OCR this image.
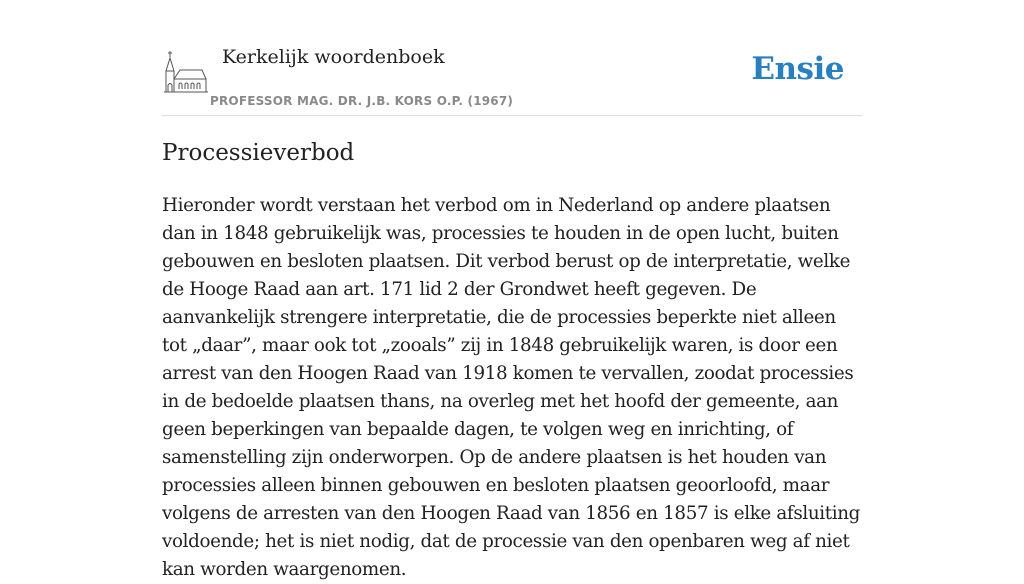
Kerkelijk woordenboek
PROFESSOR MAG. DR. J.B. KORS O.P. (1967)
Ensie
Processieverbod

Hieronder wordt verstaan het verbod om in Nederland op andere plaatsen dan in 1848 gebruikelijk was, processies te houden in de open lucht, buiten gebouwen en besloten plaatsen. Dit verbod berust op de interpretatie, welke de Hooge Raad aan art. 171 lid 2 der Grondwet heeft gegeven. De aanvankelijk strengere interpretatie, die de processies beperkte niet alleen tot „daar”, maar ook tot „zooals” zij in 1848 gebruikelijk waren, is door een arrest van den Hoogen Raad van 1918 komen te vervallen, zoodat processies in de bedoelde plaatsen thans, na overleg met het hoofd der gemeente, aan geen beperkingen van bepaalde dagen, te volgen weg en inrichting, of samenstelling zijn onderworpen. Op de andere plaatsen is het houden van processies alleen binnen gebouwen en besloten plaatsen geoorloofd, maar volgens de arresten van den Hoogen Raad van 1856 en 1857 is elke afsluiting voldoende; het is niet nodig, dat de processie van den openbaren weg af niet kan worden waargenomen.
